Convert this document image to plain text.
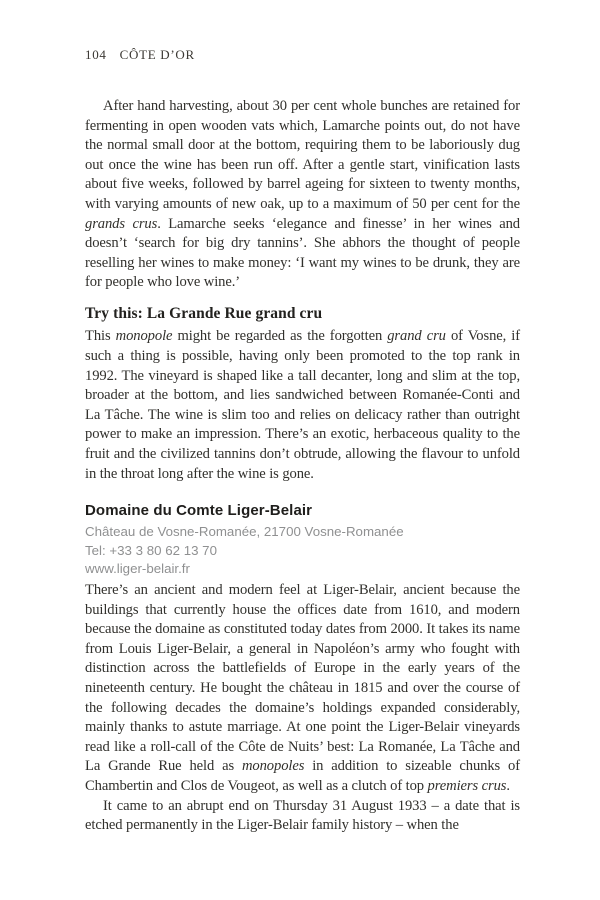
104 CÔTE D’OR

After hand harvesting, about 30 per cent whole bunches are retained for fermenting in open wooden vats which, Lamarche points out, do not have the normal small door at the bottom, requiring them to be laboriously dug out once the wine has been run off. After a gentle start, vinification lasts about five weeks, followed by barrel ageing for sixteen to twenty months, with varying amounts of new oak, up to a maximum of 50 per cent for the grands crus. Lamarche seeks ‘elegance and finesse’ in her wines and doesn’t ‘search for big dry tannins’. She abhors the thought of people reselling her wines to make money: ‘I want my wines to be drunk, they are for people who love wine.’

Try this: La Grande Rue grand cru

This monopole might be regarded as the forgotten grand cru of Vosne, if such a thing is possible, having only been promoted to the top rank in 1992. The vineyard is shaped like a tall decanter, long and slim at the top, broader at the bottom, and lies sandwiched between Romanée-Conti and La Tâche. The wine is slim too and relies on delicacy rather than outright power to make an impression. There’s an exotic, herbaceous quality to the fruit and the civilized tannins don’t obtrude, allowing the flavour to unfold in the throat long after the wine is gone.

Domaine du Comte Liger-Belair

Château de Vosne-Romanée, 21700 Vosne-Romanée
Tel: +33 3 80 62 13 70
www.liger-belair.fr

There’s an ancient and modern feel at Liger-Belair, ancient because the buildings that currently house the offices date from 1610, and modern because the domaine as constituted today dates from 2000. It takes its name from Louis Liger-Belair, a general in Napoléon’s army who fought with distinction across the battlefields of Europe in the early years of the nineteenth century. He bought the château in 1815 and over the course of the following decades the domaine’s holdings expanded considerably, mainly thanks to astute marriage. At one point the Liger-Belair vineyards read like a roll-call of the Côte de Nuits’ best: La Romanée, La Tâche and La Grande Rue held as monopoles in addition to sizeable chunks of Chambertin and Clos de Vougeot, as well as a clutch of top premiers crus.

It came to an abrupt end on Thursday 31 August 1933 – a date that is etched permanently in the Liger-Belair family history – when the
